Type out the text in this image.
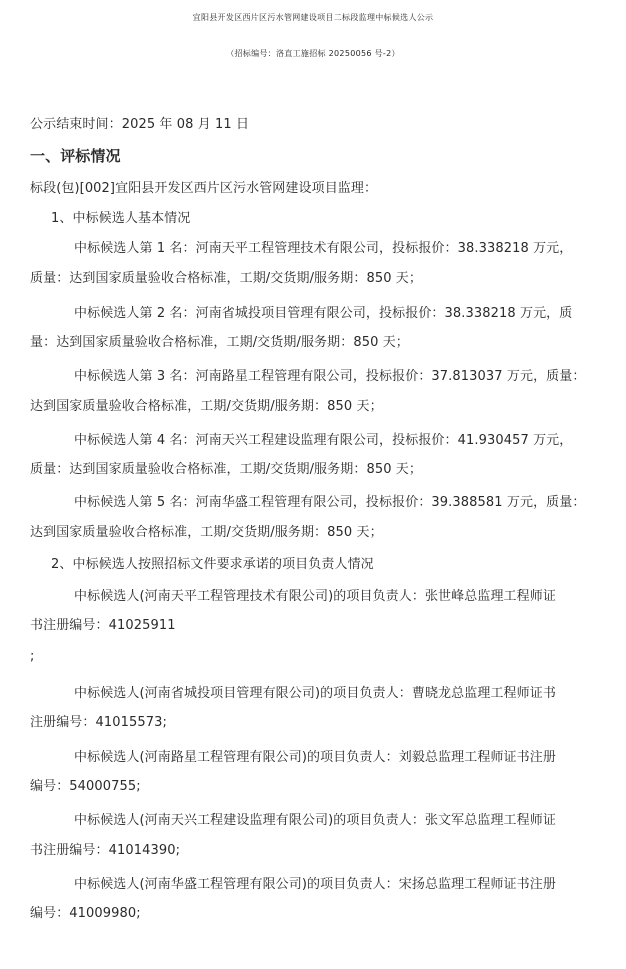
宜阳县开发区西片区污水管网建设项目二标段监理中标候选人公示
（招标编号：洛直工施招标 20250056 号-2）
公示结束时间：2025 年 08 月 11 日
一、评标情况
标段(包)[002]宜阳县开发区西片区污水管网建设项目监理：
1、中标候选人基本情况
中标候选人第 1 名：河南天平工程管理技术有限公司，投标报价：38.338218 万元，
质量：达到国家质量验收合格标准，工期/交货期/服务期：850 天；
中标候选人第 2 名：河南省城投项目管理有限公司，投标报价：38.338218 万元，质
量：达到国家质量验收合格标准，工期/交货期/服务期：850 天；
中标候选人第 3 名：河南路星工程管理有限公司，投标报价：37.813037 万元，质量：
达到国家质量验收合格标准，工期/交货期/服务期：850 天；
中标候选人第 4 名：河南天兴工程建设监理有限公司，投标报价：41.930457 万元，
质量：达到国家质量验收合格标准，工期/交货期/服务期：850 天；
中标候选人第 5 名：河南华盛工程管理有限公司，投标报价：39.388581 万元，质量：
达到国家质量验收合格标准，工期/交货期/服务期：850 天；
2、中标候选人按照招标文件要求承诺的项目负责人情况
中标候选人(河南天平工程管理技术有限公司)的项目负责人：张世峰总监理工程师证
书注册编号：41025911
;
中标候选人(河南省城投项目管理有限公司)的项目负责人：曹晓龙总监理工程师证书
注册编号：41015573;
中标候选人(河南路星工程管理有限公司)的项目负责人：刘毅总监理工程师证书注册
编号：54000755;
中标候选人(河南天兴工程建设监理有限公司)的项目负责人：张文军总监理工程师证
书注册编号：41014390;
中标候选人(河南华盛工程管理有限公司)的项目负责人：宋扬总监理工程师证书注册
编号：41009980;
